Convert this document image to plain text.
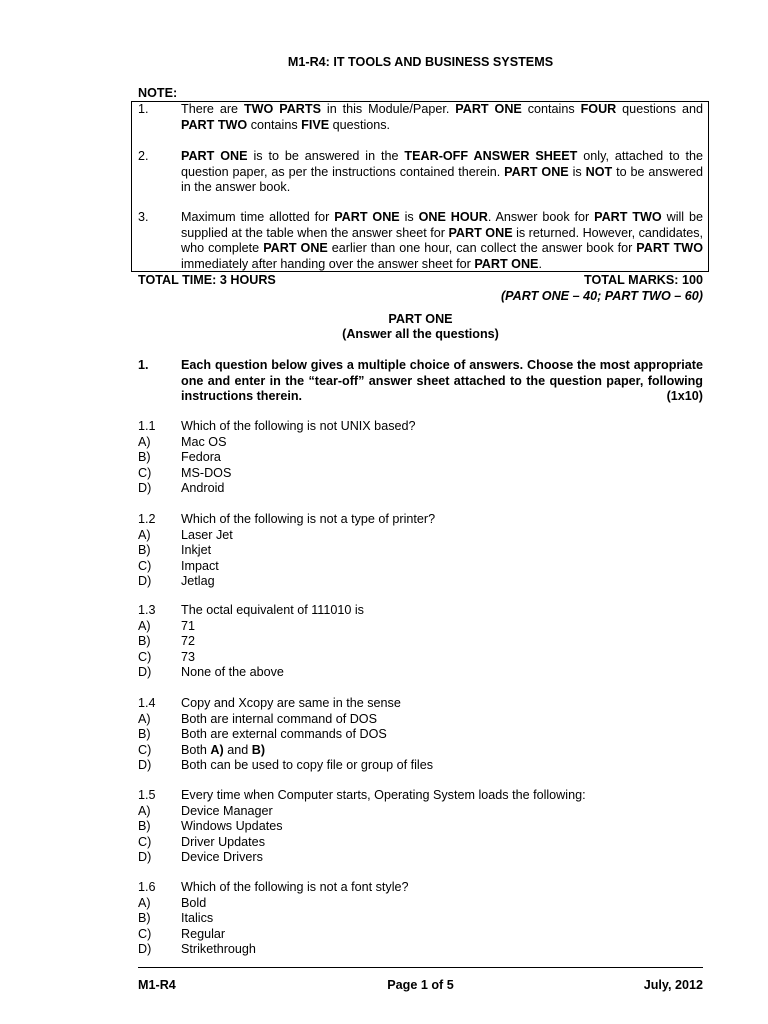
M1-R4: IT TOOLS AND BUSINESS SYSTEMS
NOTE:
1.	There are TWO PARTS in this Module/Paper. PART ONE contains FOUR questions and PART TWO contains FIVE questions.
2.	PART ONE is to be answered in the TEAR-OFF ANSWER SHEET only, attached to the question paper, as per the instructions contained therein. PART ONE is NOT to be answered in the answer book.
3.	Maximum time allotted for PART ONE is ONE HOUR. Answer book for PART TWO will be supplied at the table when the answer sheet for PART ONE is returned. However, candidates, who complete PART ONE earlier than one hour, can collect the answer book for PART TWO immediately after handing over the answer sheet for PART ONE.
TOTAL TIME: 3 HOURS	TOTAL MARKS: 100
(PART ONE – 40; PART TWO – 60)
PART ONE
(Answer all the questions)
1.	Each question below gives a multiple choice of answers. Choose the most appropriate one and enter in the “tear-off” answer sheet attached to the question paper, following instructions therein.	(1x10)
1.1 Which of the following is not UNIX based?
A) Mac OS
B) Fedora
C) MS-DOS
D) Android
1.2 Which of the following is not a type of printer?
A) Laser Jet
B) Inkjet
C) Impact
D) Jetlag
1.3 The octal equivalent of 111010 is
A) 71
B) 72
C) 73
D) None of the above
1.4 Copy and Xcopy are same in the sense
A) Both are internal command of DOS
B) Both are external commands of DOS
C) Both A) and B)
D) Both can be used to copy file or group of files
1.5 Every time when Computer starts, Operating System loads the following:
A) Device Manager
B) Windows Updates
C) Driver Updates
D) Device Drivers
1.6 Which of the following is not a font style?
A) Bold
B) Italics
C) Regular
D) Strikethrough
M1-R4	Page 1 of 5	July, 2012
